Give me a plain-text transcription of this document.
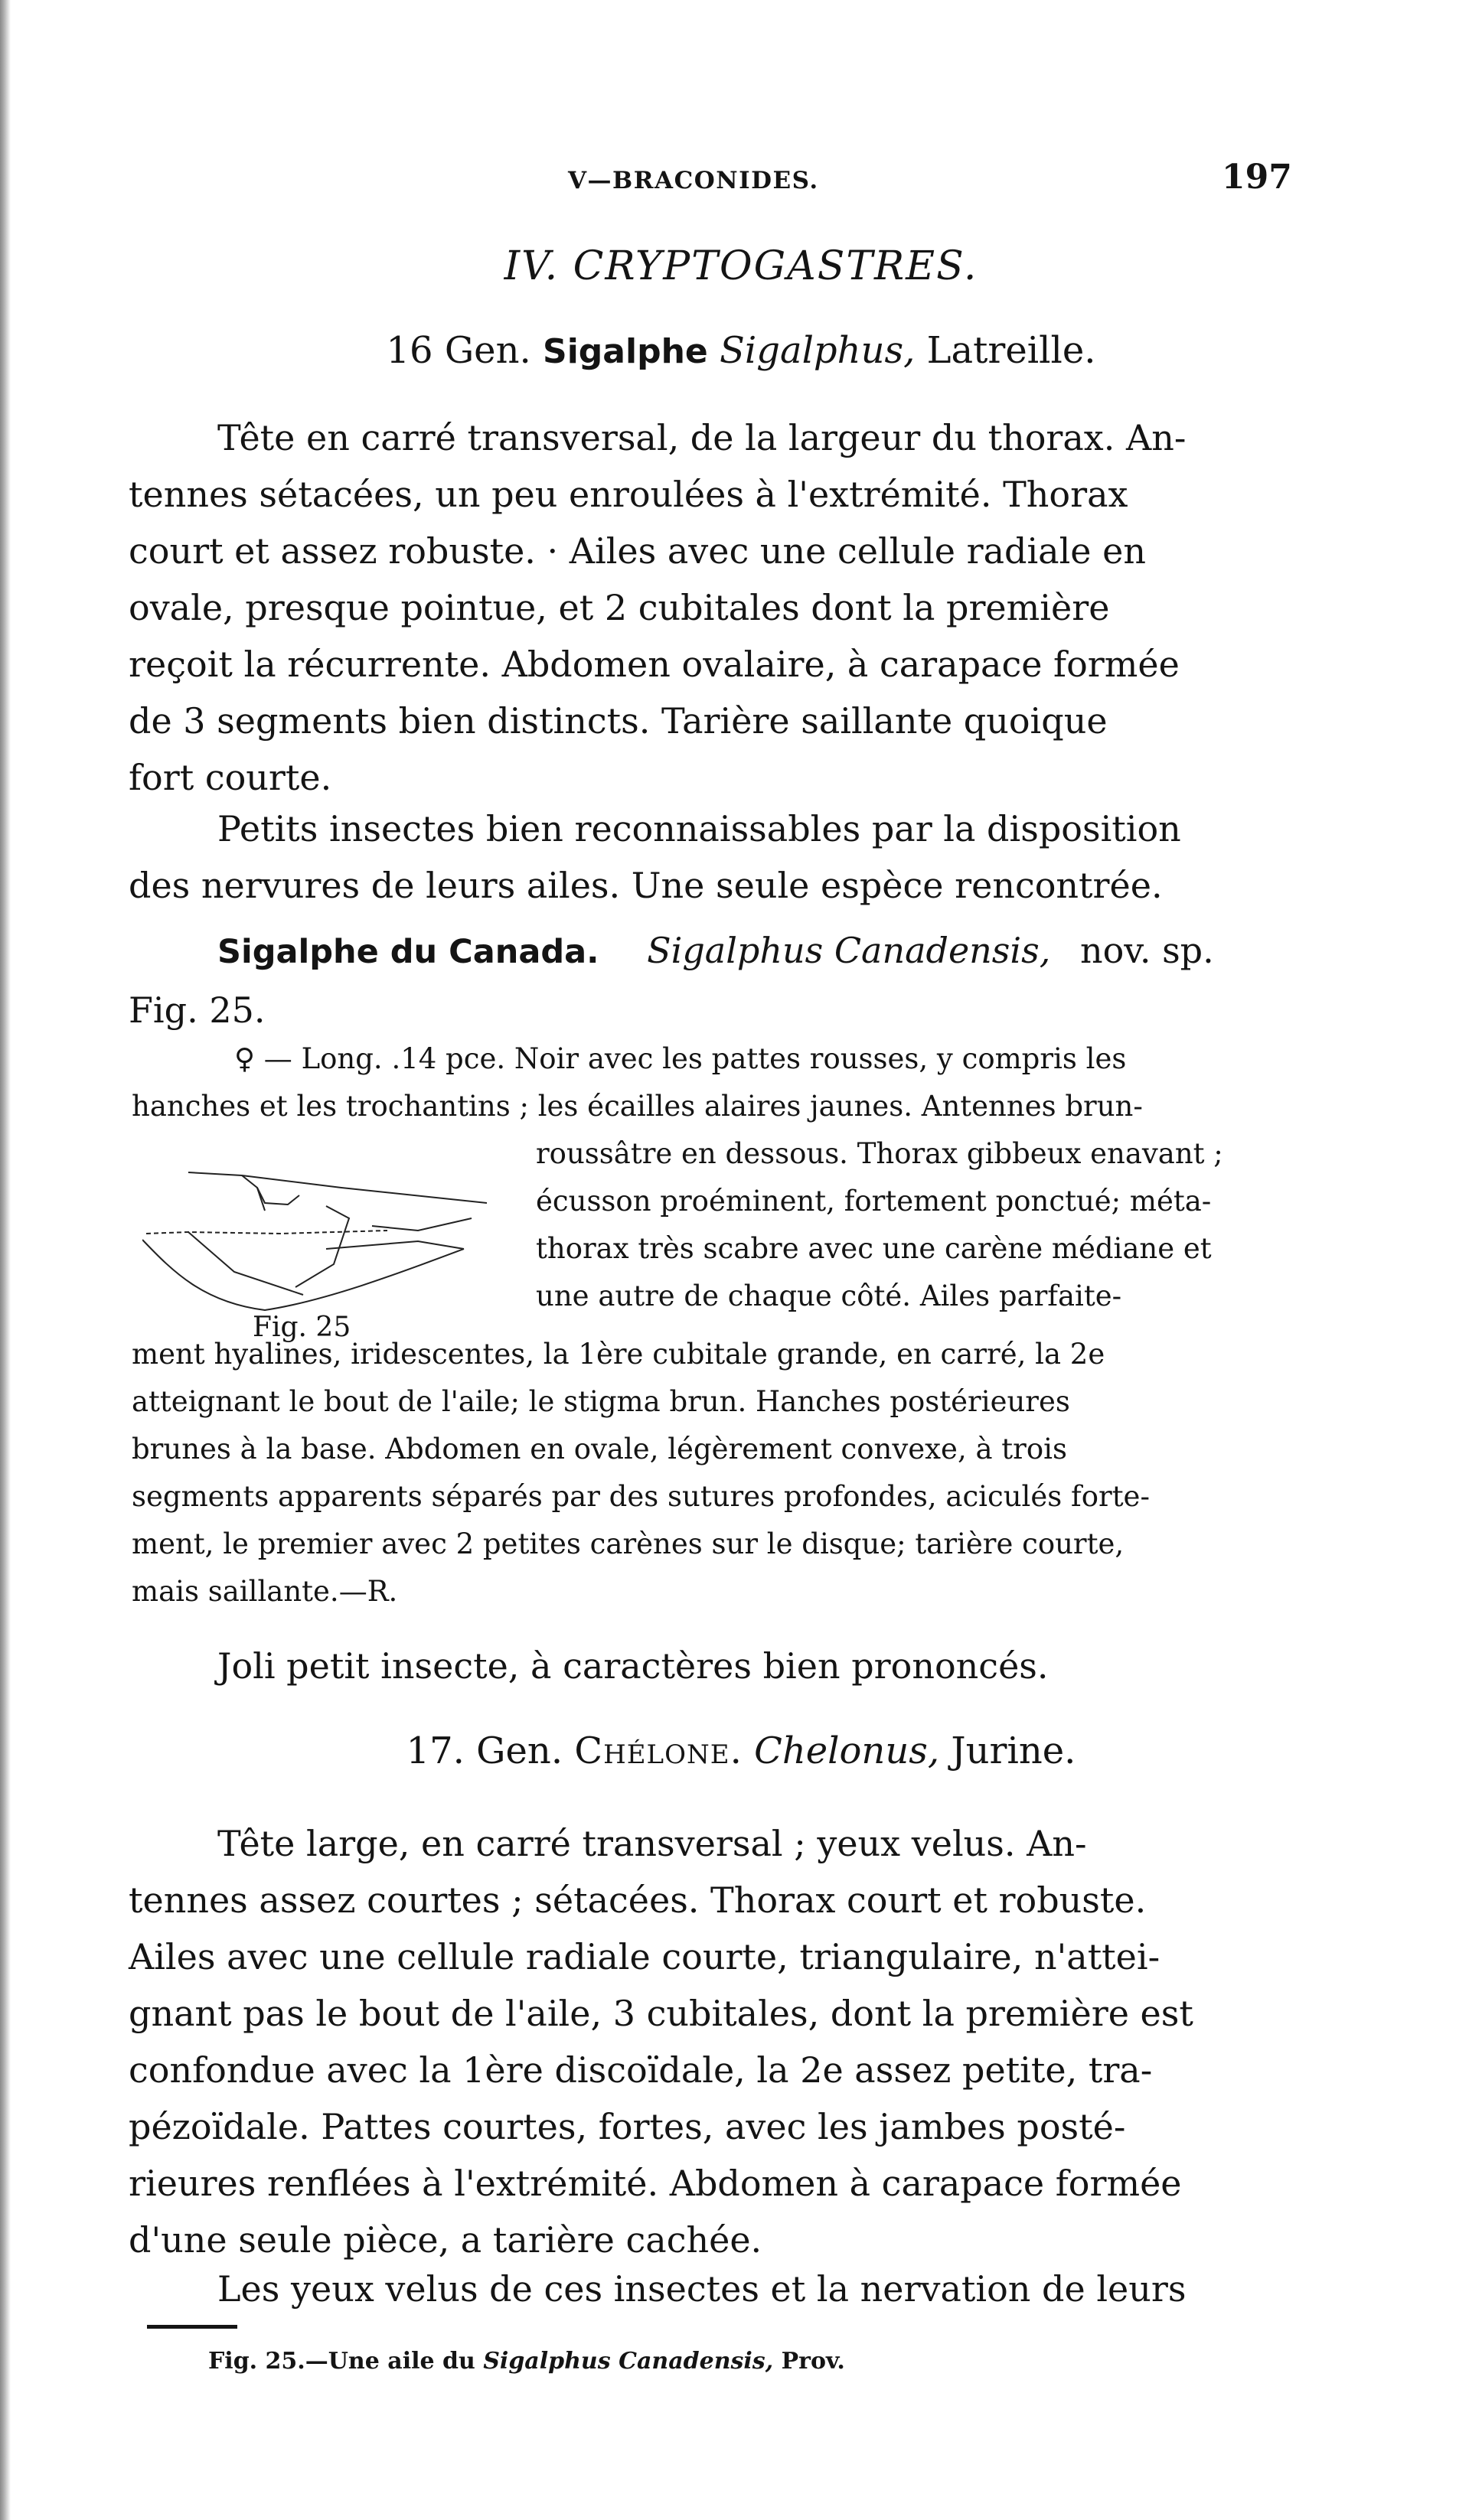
V—BRACONIDES.	197
IV. CRYPTOGASTRES.
16 Gen. Sigalphe Sigalphus, Latreille.
Tête en carré transversal, de la largeur du thorax. An-
tennes sétacées, un peu enroulées à l'extrémité. Thorax
court et assez robuste. · Ailes avec une cellule radiale en
ovale, presque pointue, et 2 cubitales dont la première
reçoit la récurrente. Abdomen ovalaire, à carapace formée
de 3 segments bien distincts. Tarière saillante quoique
fort courte.
Petits insectes bien reconnaissables par la disposition
des nervures de leurs ailes. Une seule espèce rencontrée.
Sigalphe du Canada. Sigalphus Canadensis, nov. sp.
Fig. 25.
♀ — Long. .14 pce. Noir avec les pattes rousses, y compris les
hanches et les trochantins ; les écailles alaires jaunes. Antennes brun-
roussâtre en dessous. Thorax gibbeux enavant ;
écusson proéminent, fortement ponctué; méta-
thorax très scabre avec une carène médiane et
une autre de chaque côté. Ailes parfaite-
Fig. 25
ment hyalines, iridescentes, la 1ère cubitale grande, en carré, la 2e
atteignant le bout de l'aile; le stigma brun. Hanches postérieures
brunes à la base. Abdomen en ovale, légèrement convexe, à trois
segments apparents séparés par des sutures profondes, aciculés forte-
ment, le premier avec 2 petites carènes sur le disque; tarière courte,
mais saillante.—R.
Joli petit insecte, à caractères bien prononcés.
17. Gen. Chélone. Chelonus, Jurine.
Tête large, en carré transversal ; yeux velus. An-
tennes assez courtes ; sétacées. Thorax court et robuste.
Ailes avec une cellule radiale courte, triangulaire, n'attei-
gnant pas le bout de l'aile, 3 cubitales, dont la première est
confondue avec la 1ère discoïdale, la 2e assez petite, tra-
pézoïdale. Pattes courtes, fortes, avec les jambes posté-
rieures renflées à l'extrémité. Abdomen à carapace formée
d'une seule pièce, a tarière cachée.
Les yeux velus de ces insectes et la nervation de leurs
Fig. 25.—Une aile du Sigalphus Canadensis, Prov.
